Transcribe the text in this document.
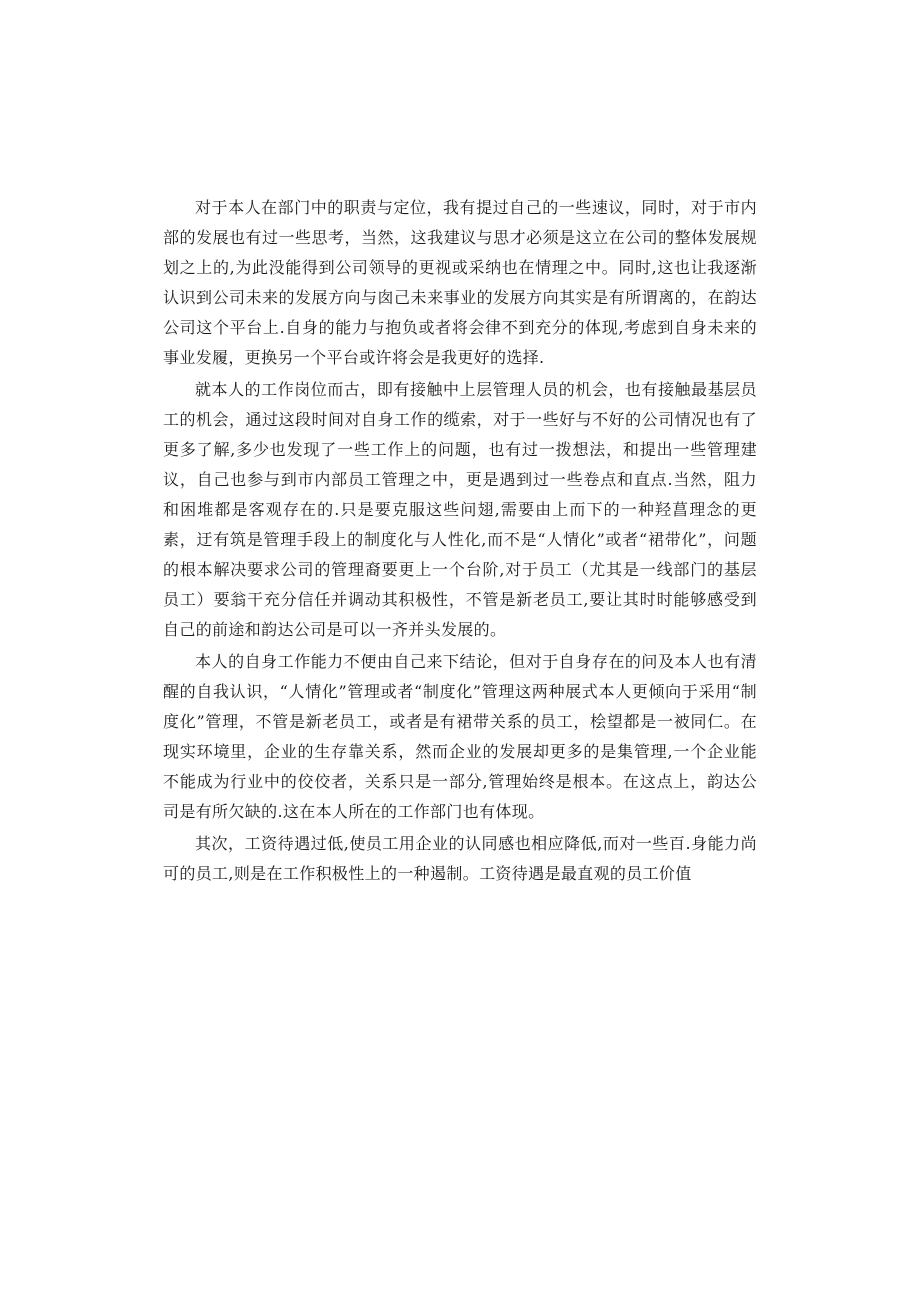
对于本人在部门中的职责与定位，我有提过自己的一些速议，同时，对于市内部的发展也有过一些思考，当然，这我建议与思才必须是这立在公司的整体发展规划之上的,为此没能得到公司领导的更视或采纳也在情理之中。同时,这也让我逐渐认识到公司未来的发展方向与囱己未来事业的发展方向其实是有所谓离的，在韵达公司这个平台上.自身的能力与抱负或者将会律不到充分的体现,考虑到自身未来的事业发履，更换另一个平台或许将会是我更好的选择.

就本人的工作岗位而古，即有接触中上层管理人员的机会，也有接触最基层员工的机会，通过这段时间对自身工作的缆索，对于一些好与不好的公司情况也有了更多了解,多少也发现了一些工作上的问题，也有过一拨想法，和提出一些管理建议，自己也参与到市内部员工管理之中，更是遇到过一些卷点和直点.当然，阻力和困堆都是客观存在的.只是要克服这些问翅,需要由上而下的一种羟菖理念的更素，迂有筑是管理手段上的制度化与人性化,而不是“人情化”或者“裙带化”，问题的根本解决要求公司的管理裔要更上一个台阶,对于员工（尤其是一线部门的基层员工）要翁干充分信任并调动其积极性，不管是新老员工,要让其时时能够感受到自己的前途和韵达公司是可以一齐并头发展的。

本人的自身工作能力不便由自己来下结论，但对于自身存在的问及本人也有清醒的自我认识，“人情化”管理或者“制度化”管理这两种展式本人更倾向于采用“制度化”管理，不管是新老员工，或者是有裙带关系的员工，桧望都是一被同仁。在现实环境里，企业的生存靠关系，然而企业的发展却更多的是集管理,一个企业能不能成为行业中的佼佼者，关系只是一部分,管理始终是根本。在这点上，韵达公司是有所欠缺的.这在本人所在的工作部门也有体现。

其次，工资待遇过低,使员工用企业的认同感也相应降低,而对一些百.身能力尚可的员工,则是在工作积极性上的一种遏制。工资待遇是最直观的员工价值
